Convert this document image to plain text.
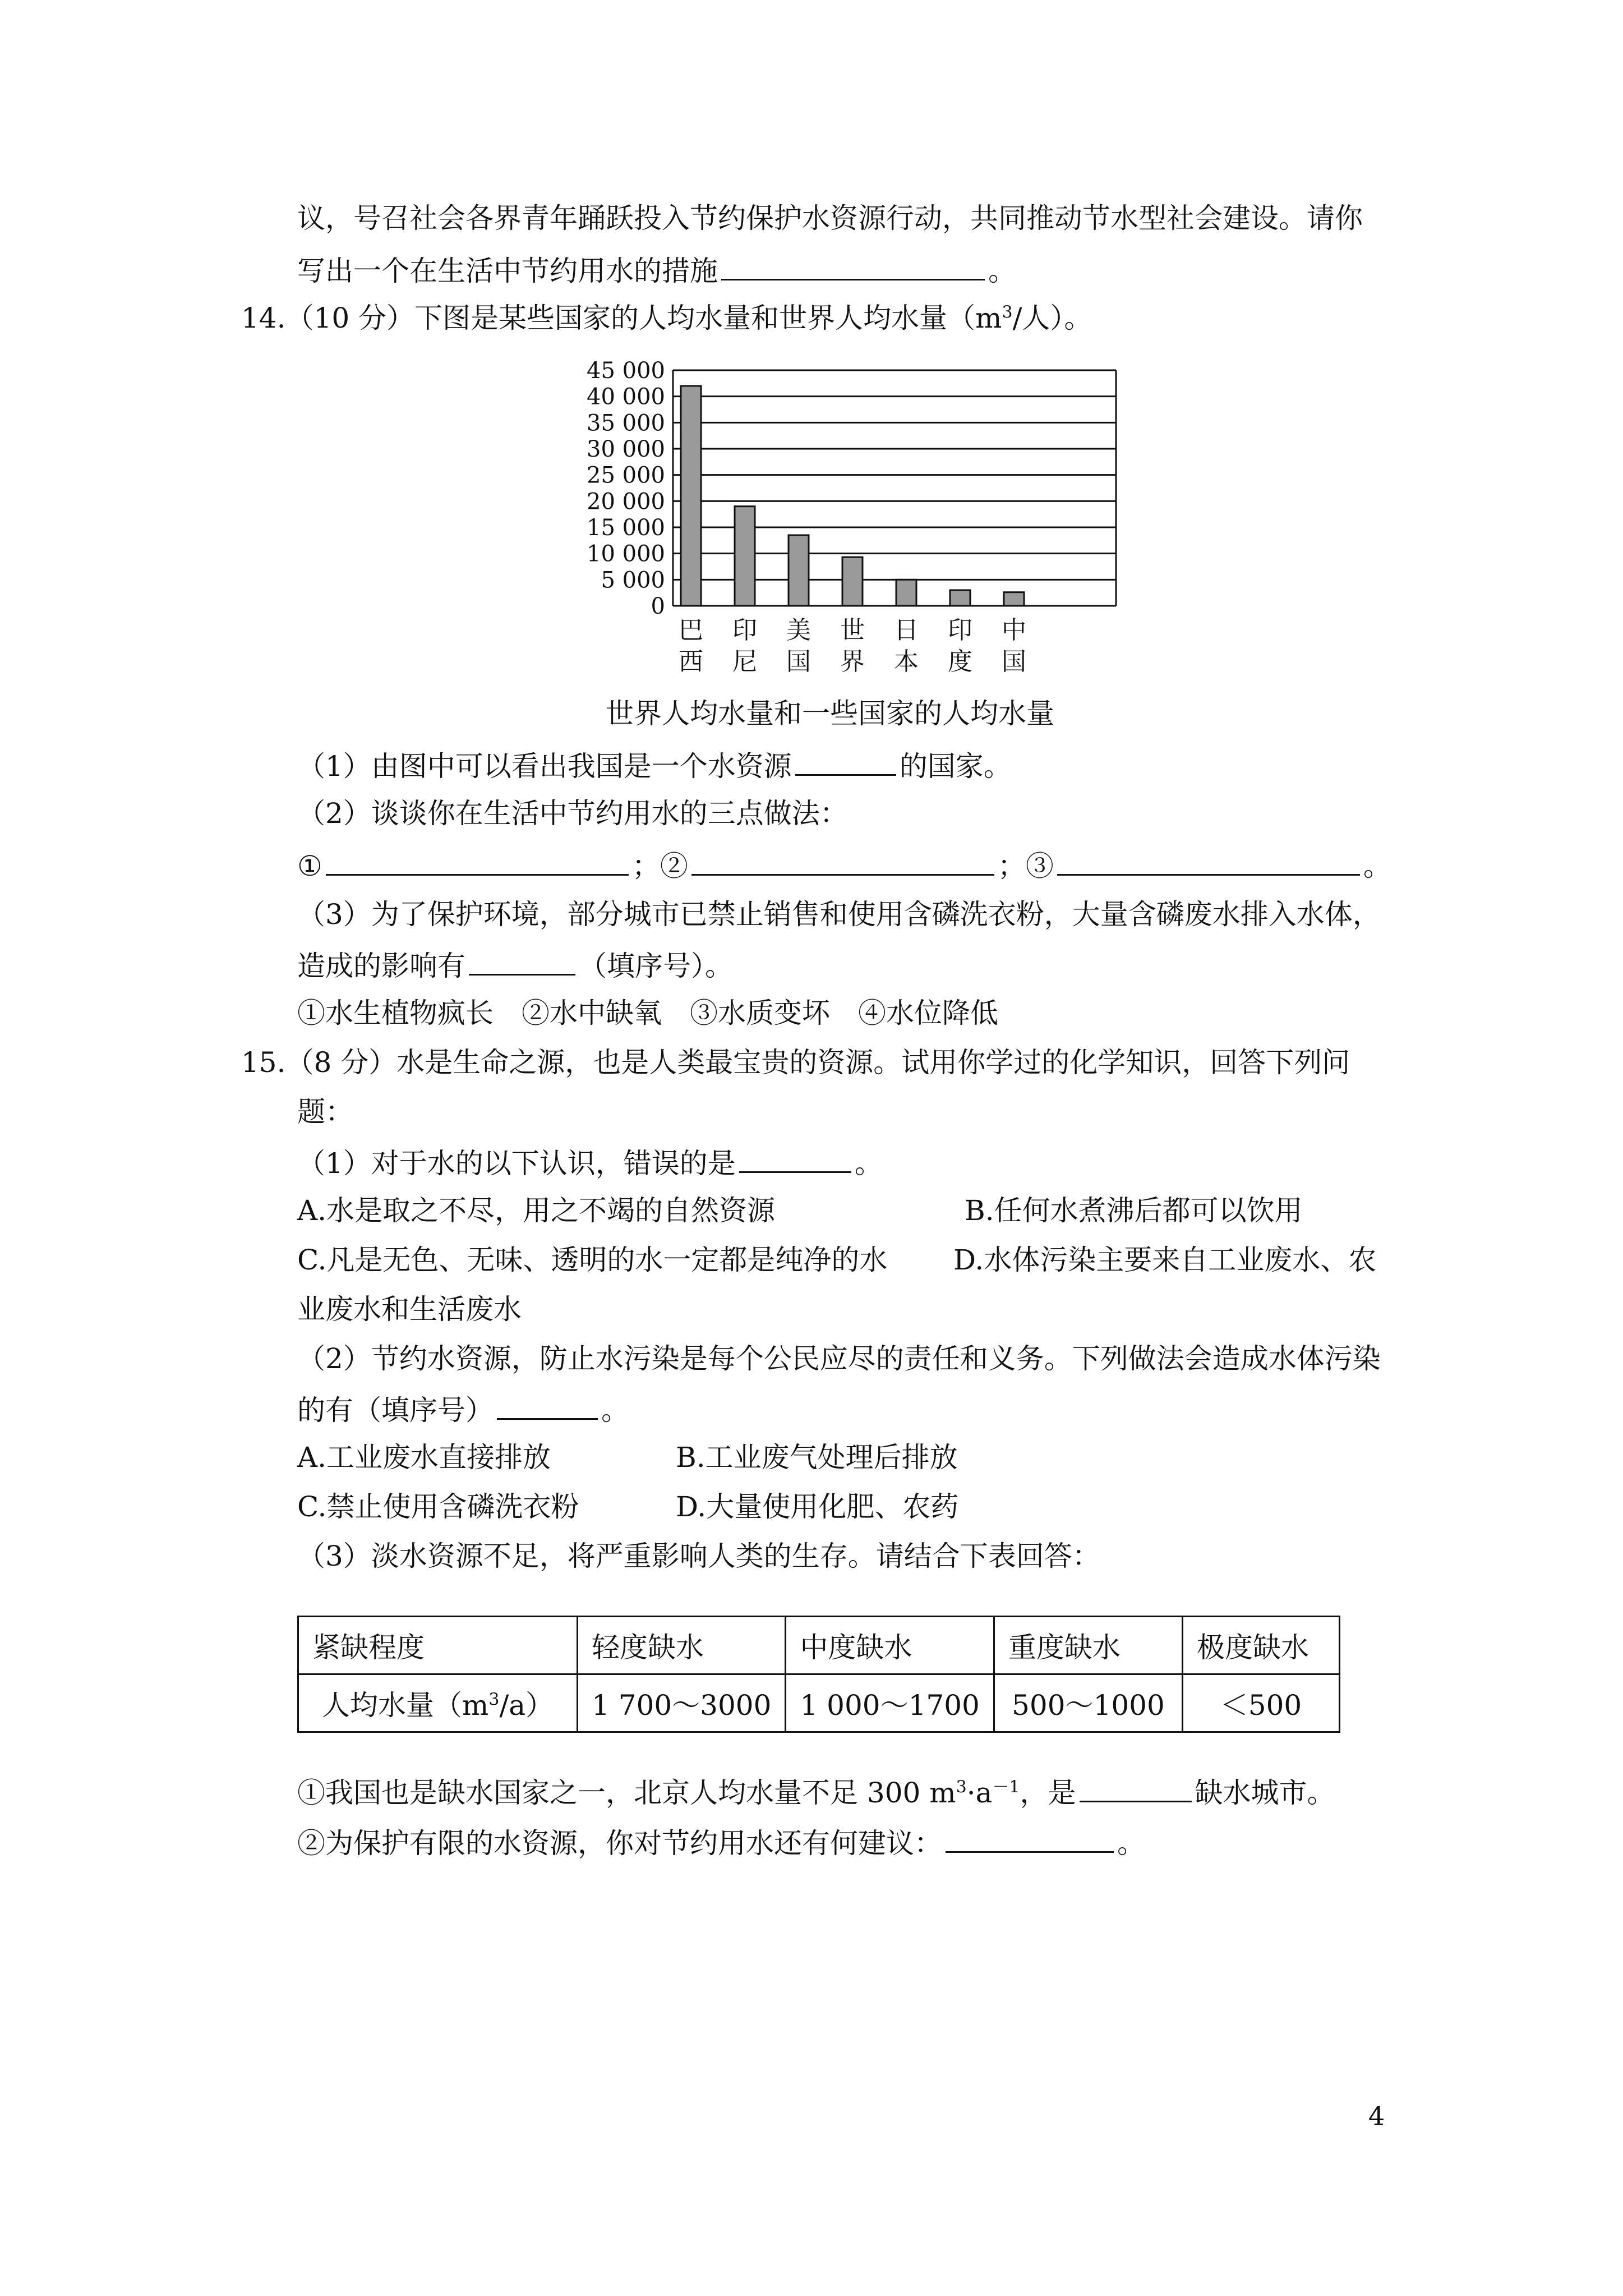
议，号召社会各界青年踊跃投入节约保护水资源行动，共同推动节水型社会建设。请你
写出一个在生活中节约用水的措施	。
14.（10 分）下图是某些国家的人均水量和世界人均水量（$m^3/$人）。
0
5 000
10 000
15 000
20 000
25 000
30 000
35 000
40 000
45 000
巴
西
印
尼
美
国
世
界
日
本
印
度
中
国
世界人均水量和一些国家的人均水量
（1）由图中可以看出我国是一个水资源	的国家。
（2）谈谈你在生活中节约用水的三点做法：
①	；②	；③	。
（3）为了保护环境，部分城市已禁止销售和使用含磷洗衣粉，大量含磷废水排入水体，
造成的影响有	（填序号）。
①水生植物疯长　②水中缺氧　③水质变坏　④水位降低
15.（8 分）水是生命之源，也是人类最宝贵的资源。试用你学过的化学知识，回答下列问
题：
（1）对于水的以下认识，错误的是	。
A.水是取之不尽，用之不竭的自然资源	B.任何水煮沸后都可以饮用
C.凡是无色、无味、透明的水一定都是纯净的水 D.水体污染主要来自工业废水、农
业废水和生活废水
（2）节约水资源，防止水污染是每个公民应尽的责任和义务。下列做法会造成水体污染
的有（填序号）	。
A.工业废水直接排放	B.工业废气处理后排放
C.禁止使用含磷洗衣粉	D.大量使用化肥、农药
（3）淡水资源不足，将严重影响人类的生存。请结合下表回答：
紧缺程度	轻度缺水	中度缺水	重度缺水	极度缺水
人均水量$(m^3/a)$	1 700～3000	1 000～1700	500～1000	＜500
①我国也是缺水国家之一，北京人均水量不足 300 $m^3\cdot a^{-1}$，是	缺水城市。
②为保护有限的水资源，你对节约用水还有何建议：	。
4
